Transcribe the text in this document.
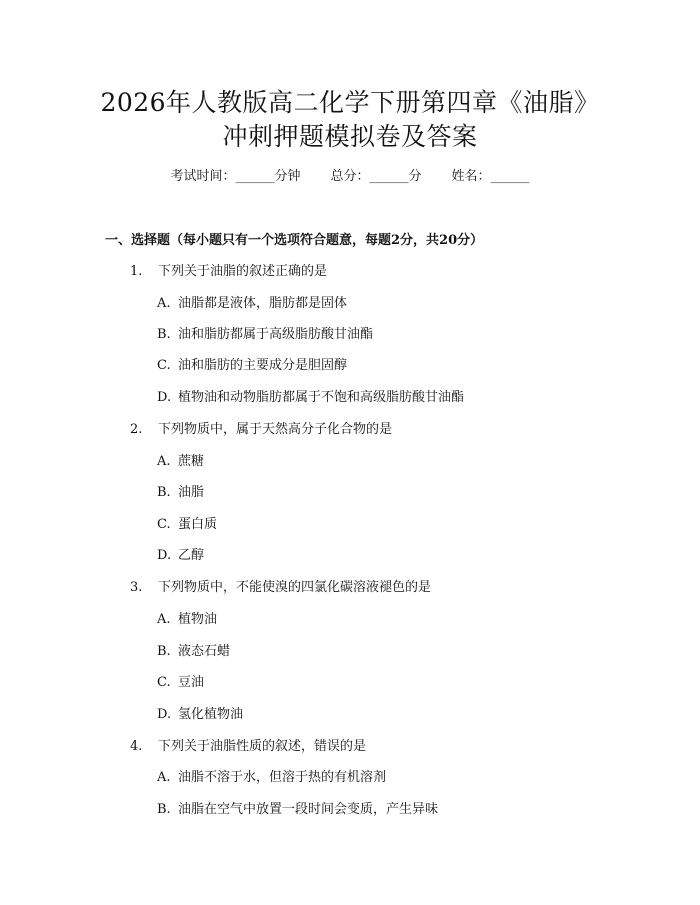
2026年人教版高二化学下册第四章《油脂》
冲刺押题模拟卷及答案
考试时间：______分钟 总分：______分 姓名：______
一、选择题（每小题只有一个选项符合题意，每题2分，共20分）
1. 下列关于油脂的叙述正确的是
A. 油脂都是液体，脂肪都是固体
B. 油和脂肪都属于高级脂肪酸甘油酯
C. 油和脂肪的主要成分是胆固醇
D. 植物油和动物脂肪都属于不饱和高级脂肪酸甘油酯
2. 下列物质中，属于天然高分子化合物的是
A. 蔗糖
B. 油脂
C. 蛋白质
D. 乙醇
3. 下列物质中，不能使溴的四氯化碳溶液褪色的是
A. 植物油
B. 液态石蜡
C. 豆油
D. 氢化植物油
4. 下列关于油脂性质的叙述，错误的是
A. 油脂不溶于水，但溶于热的有机溶剂
B. 油脂在空气中放置一段时间会变质，产生异味
